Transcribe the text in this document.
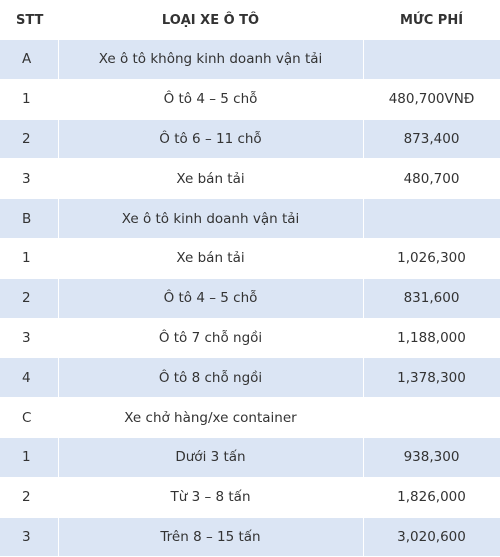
STT	LOẠI XE Ô TÔ	MỨC PHÍ
A	Xe ô tô không kinh doanh vận tải	
1	Ô tô 4 – 5 chỗ	480,700VNĐ
2	Ô tô 6 – 11 chỗ	873,400
3	Xe bán tải	480,700
B	Xe ô tô kinh doanh vận tải	
1	Xe bán tải	1,026,300
2	Ô tô 4 – 5 chỗ	831,600
3	Ô tô 7 chỗ ngồi	1,188,000
4	Ô tô 8 chỗ ngồi	1,378,300
C	Xe chở hàng/xe container	
1	Dưới 3 tấn	938,300
2	Từ 3 – 8 tấn	1,826,000
3	Trên 8 – 15 tấn	3,020,600
